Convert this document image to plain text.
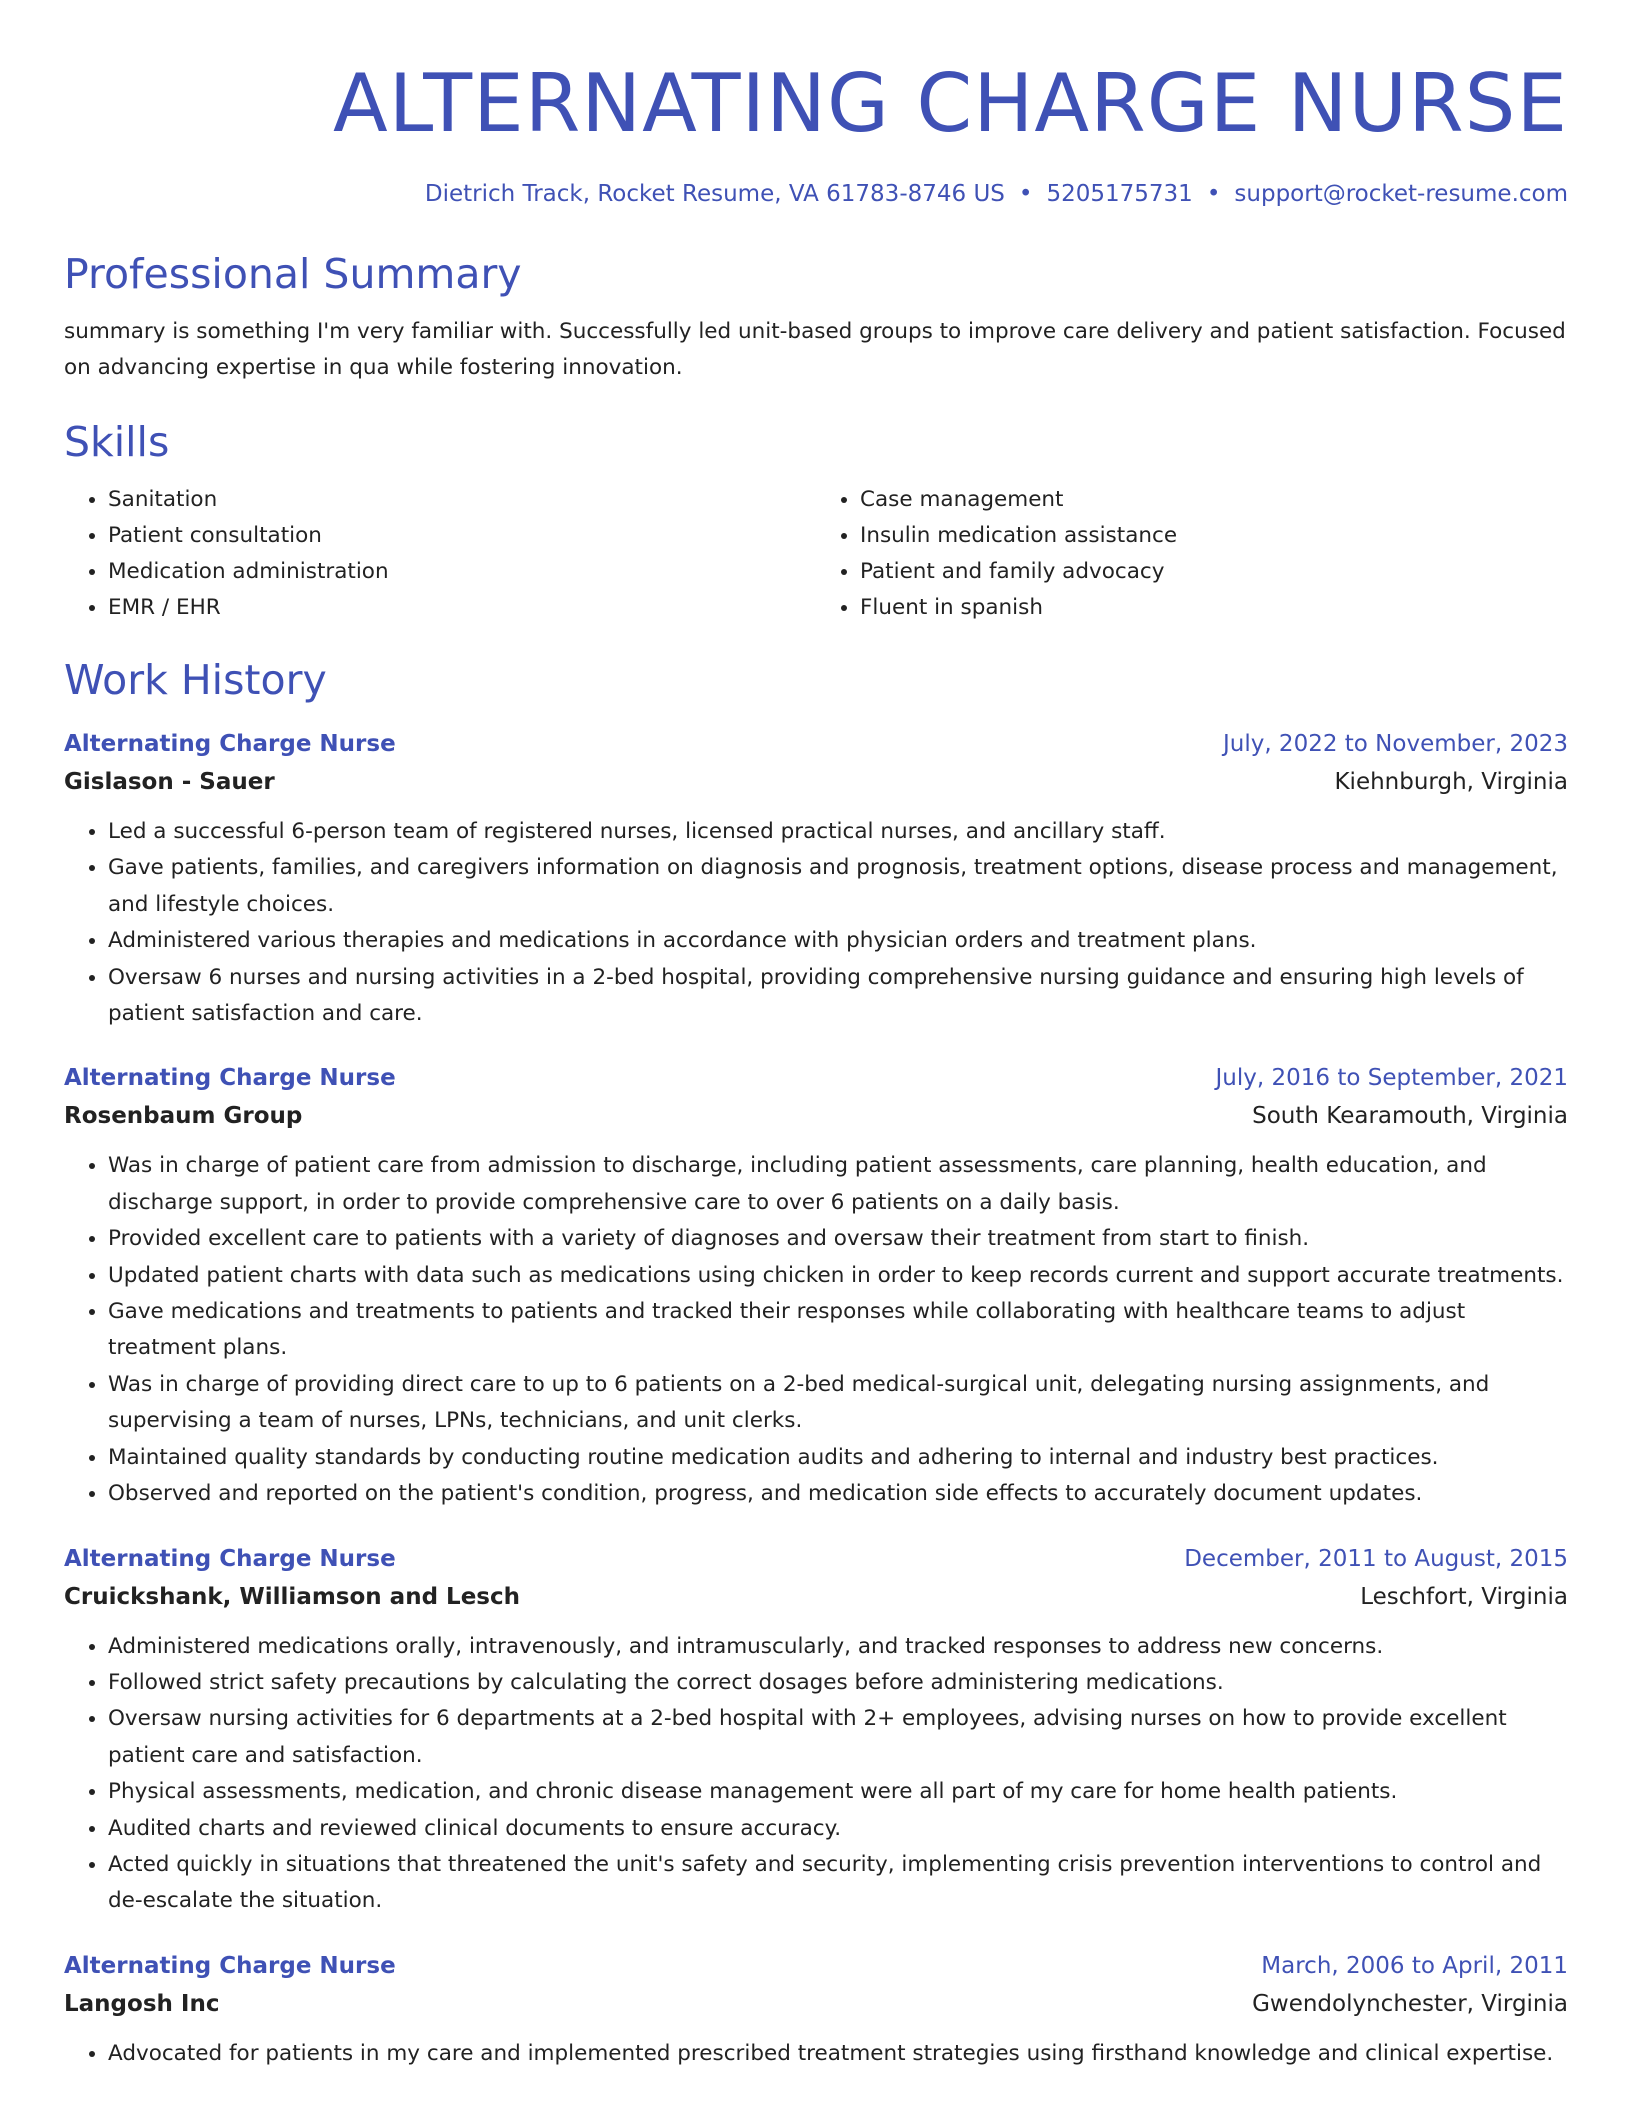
ALTERNATING CHARGE NURSE
Dietrich Track, Rocket Resume, VA 61783-8746 US • 5205175731 • support@rocket-resume.com
Professional Summary
summary is something I'm very familiar with. Successfully led unit-based groups to improve care delivery and patient satisfaction. Focused on advancing expertise in qua while fostering innovation.
Skills
• Sanitation
• Patient consultation
• Medication administration
• EMR / EHR
• Case management
• Insulin medication assistance
• Patient and family advocacy
• Fluent in spanish
Work History
Alternating Charge Nurse	July, 2022 to November, 2023
Gislason - Sauer	Kiehnburgh, Virginia
• Led a successful 6-person team of registered nurses, licensed practical nurses, and ancillary staff.
• Gave patients, families, and caregivers information on diagnosis and prognosis, treatment options, disease process and management, and lifestyle choices.
• Administered various therapies and medications in accordance with physician orders and treatment plans.
• Oversaw 6 nurses and nursing activities in a 2-bed hospital, providing comprehensive nursing guidance and ensuring high levels of patient satisfaction and care.
Alternating Charge Nurse	July, 2016 to September, 2021
Rosenbaum Group	South Kearamouth, Virginia
• Was in charge of patient care from admission to discharge, including patient assessments, care planning, health education, and discharge support, in order to provide comprehensive care to over 6 patients on a daily basis.
• Provided excellent care to patients with a variety of diagnoses and oversaw their treatment from start to finish.
• Updated patient charts with data such as medications using chicken in order to keep records current and support accurate treatments.
• Gave medications and treatments to patients and tracked their responses while collaborating with healthcare teams to adjust treatment plans.
• Was in charge of providing direct care to up to 6 patients on a 2-bed medical-surgical unit, delegating nursing assignments, and supervising a team of nurses, LPNs, technicians, and unit clerks.
• Maintained quality standards by conducting routine medication audits and adhering to internal and industry best practices.
• Observed and reported on the patient's condition, progress, and medication side effects to accurately document updates.
Alternating Charge Nurse	December, 2011 to August, 2015
Cruickshank, Williamson and Lesch	Leschfort, Virginia
• Administered medications orally, intravenously, and intramuscularly, and tracked responses to address new concerns.
• Followed strict safety precautions by calculating the correct dosages before administering medications.
• Oversaw nursing activities for 6 departments at a 2-bed hospital with 2+ employees, advising nurses on how to provide excellent patient care and satisfaction.
• Physical assessments, medication, and chronic disease management were all part of my care for home health patients.
• Audited charts and reviewed clinical documents to ensure accuracy.
• Acted quickly in situations that threatened the unit's safety and security, implementing crisis prevention interventions to control and de-escalate the situation.
Alternating Charge Nurse	March, 2006 to April, 2011
Langosh Inc	Gwendolynchester, Virginia
• Advocated for patients in my care and implemented prescribed treatment strategies using firsthand knowledge and clinical expertise.
